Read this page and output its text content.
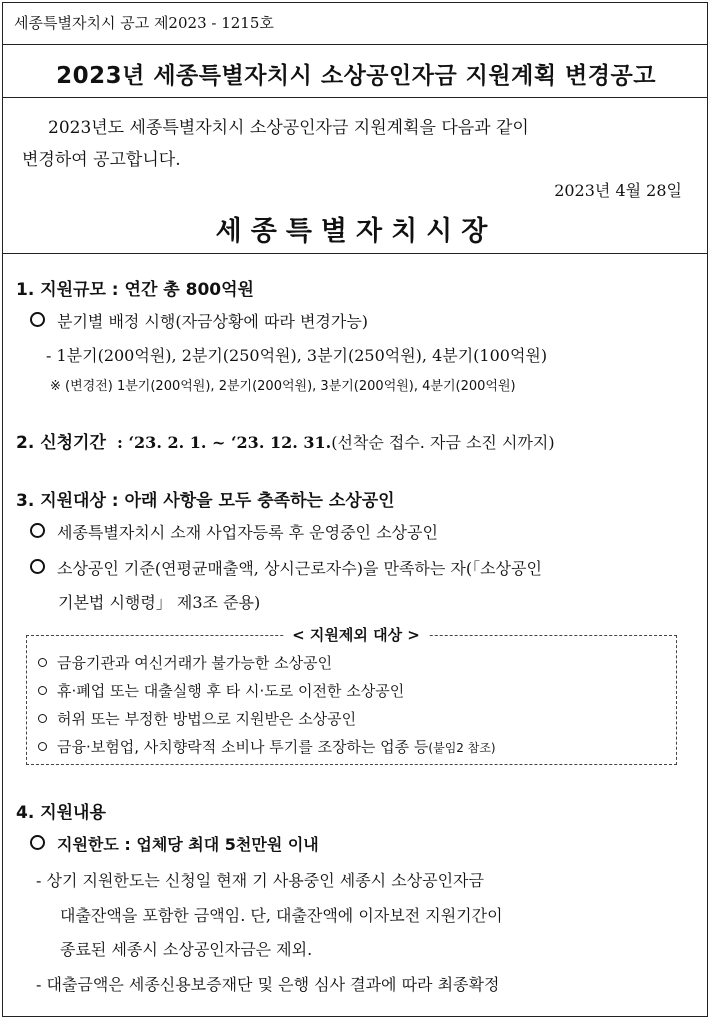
세종특별자치시 공고 제2023 - 1215호
2023년 세종특별자치시 소상공인자금 지원계획 변경공고
2023년도 세종특별자치시 소상공인자금 지원계획을 다음과 같이
변경하여 공고합니다.
2023년 4월 28일
세종특별자치시장
1. 지원규모 : 연간 총 800억원
분기별 배정 시행(자금상황에 따라 변경가능)
- 1분기(200억원), 2분기(250억원), 3분기(250억원), 4분기(100억원)
※ (변경전) 1분기(200억원), 2분기(200억원), 3분기(200억원), 4분기(200억원)
2. 신청기간 : ‘23. 2. 1. ~ ‘23. 12. 31.(선착순 접수. 자금 소진 시까지)
3. 지원대상 : 아래 사항을 모두 충족하는 소상공인
세종특별자치시 소재 사업자등록 후 운영중인 소상공인
소상공인 기준(연평균매출액, 상시근로자수)을 만족하는 자(「소상공인
기본법 시행령」 제3조 준용)
< 지원제외 대상 >
금융기관과 여신거래가 불가능한 소상공인
휴·폐업 또는 대출실행 후 타 시·도로 이전한 소상공인
허위 또는 부정한 방법으로 지원받은 소상공인
금융·보험업, 사치향락적 소비나 투기를 조장하는 업종 등(붙임2 참조)
4. 지원내용
지원한도 : 업체당 최대 5천만원 이내
- 상기 지원한도는 신청일 현재 기 사용중인 세종시 소상공인자금
대출잔액을 포함한 금액임. 단, 대출잔액에 이자보전 지원기간이
종료된 세종시 소상공인자금은 제외.
- 대출금액은 세종신용보증재단 및 은행 심사 결과에 따라 최종확정
